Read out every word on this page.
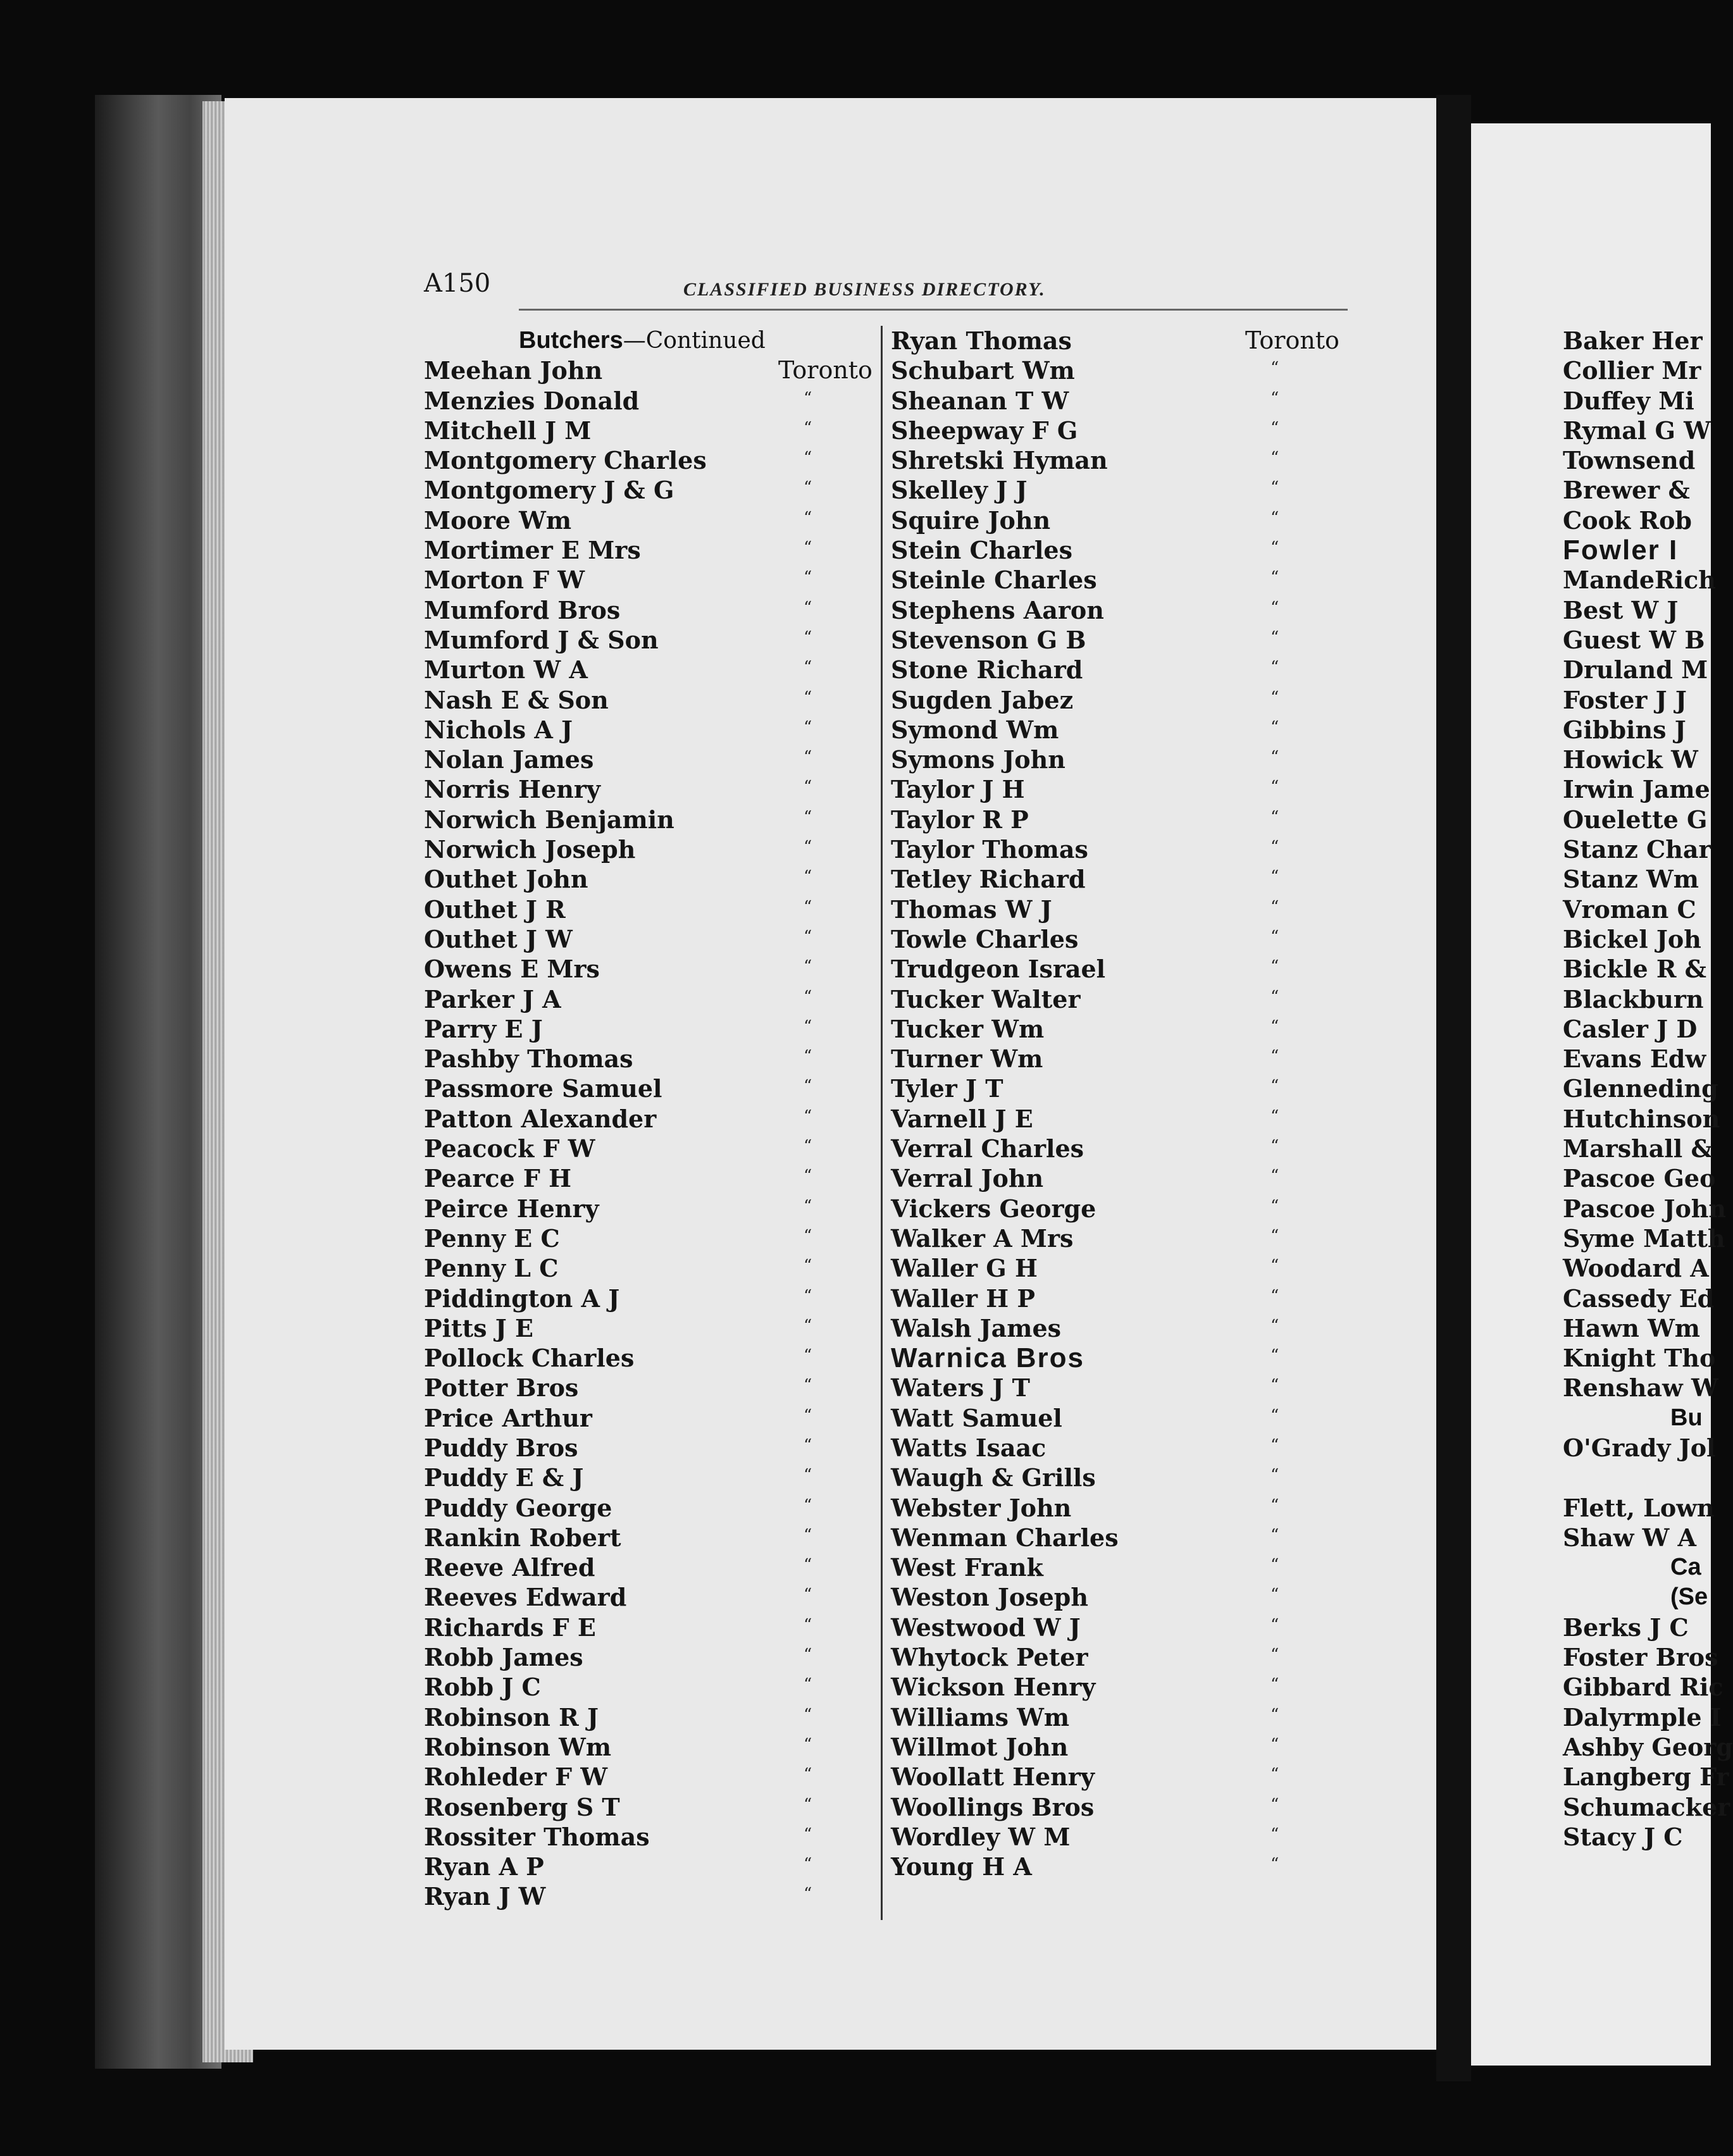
A150	CLASSIFIED BUSINESS DIRECTORY.
Butchers—Continued
Meehan John	Toronto
Menzies Donald	“
Mitchell J M	“
Montgomery Charles	“
Montgomery J & G	“
Moore Wm	“
Mortimer E Mrs	“
Morton F W	“
Mumford Bros	“
Mumford J & Son	“
Murton W A	“
Nash E & Son	“
Nichols A J	“
Nolan James	“
Norris Henry	“
Norwich Benjamin	“
Norwich Joseph	“
Outhet John	“
Outhet J R	“
Outhet J W	“
Owens E Mrs	“
Parker J A	“
Parry E J	“
Pashby Thomas	“
Passmore Samuel	“
Patton Alexander	“
Peacock F W	“
Pearce F H	“
Peirce Henry	“
Penny E C	“
Penny L C	“
Piddington A J	“
Pitts J E	“
Pollock Charles	“
Potter Bros	“
Price Arthur	“
Puddy Bros	“
Puddy E & J	“
Puddy George	“
Rankin Robert	“
Reeve Alfred	“
Reeves Edward	“
Richards F E	“
Robb James	“
Robb J C	“
Robinson R J	“
Robinson Wm	“
Rohleder F W	“
Rosenberg S T	“
Rossiter Thomas	“
Ryan A P	“
Ryan J W	“
Ryan Thomas	Toronto
Schubart Wm	“
Sheanan T W	“
Sheepway F G	“
Shretski Hyman	“
Skelley J J	“
Squire John	“
Stein Charles	“
Steinle Charles	“
Stephens Aaron	“
Stevenson G B	“
Stone Richard	“
Sugden Jabez	“
Symond Wm	“
Symons John	“
Taylor J H	“
Taylor R P	“
Taylor Thomas	“
Tetley Richard	“
Thomas W J	“
Towle Charles	“
Trudgeon Israel	“
Tucker Walter	“
Tucker Wm	“
Turner Wm	“
Tyler J T	“
Varnell J E	“
Verral Charles	“
Verral John	“
Vickers George	“
Walker A Mrs	“
Waller G H	“
Waller H P	“
Walsh James	“
Warnica Bros	“
Waters J T	“
Watt Samuel	“
Watts Isaac	“
Waugh & Grills	“
Webster John	“
Wenman Charles	“
West Frank	“
Weston Joseph	“
Westwood W J	“
Whytock Peter	“
Wickson Henry	“
Williams Wm	“
Willmot John	“
Woollatt Henry	“
Woollings Bros	“
Wordley W M	“
Young H A	“
Baker Her
Collier Mr
Duffey Mi
Rymal G W
Townsend
Brewer &
Cook Rob
Fowler I
MandeRich
Best W J
Guest W B
Druland M
Foster J J
Gibbins J
Howick W
Irwin Jame
Ouelette G
Stanz Char
Stanz Wm
Vroman C
Bickel Joh
Bickle R &
Blackburn
Casler J D
Evans Edw
Glenneding
Hutchinson
Marshall &
Pascoe Geo
Pascoe John
Syme Matth
Woodard A
Cassedy Ed
Hawn Wm
Knight Tho
Renshaw W
Bu
O'Grady Jol
Flett, Lown
Shaw W A
Ca
(Se
Berks J C
Foster Bros
Gibbard Ric
Dalyrmple I
Ashby Georg
Langberg Fr
Schumacker
Stacy J C
